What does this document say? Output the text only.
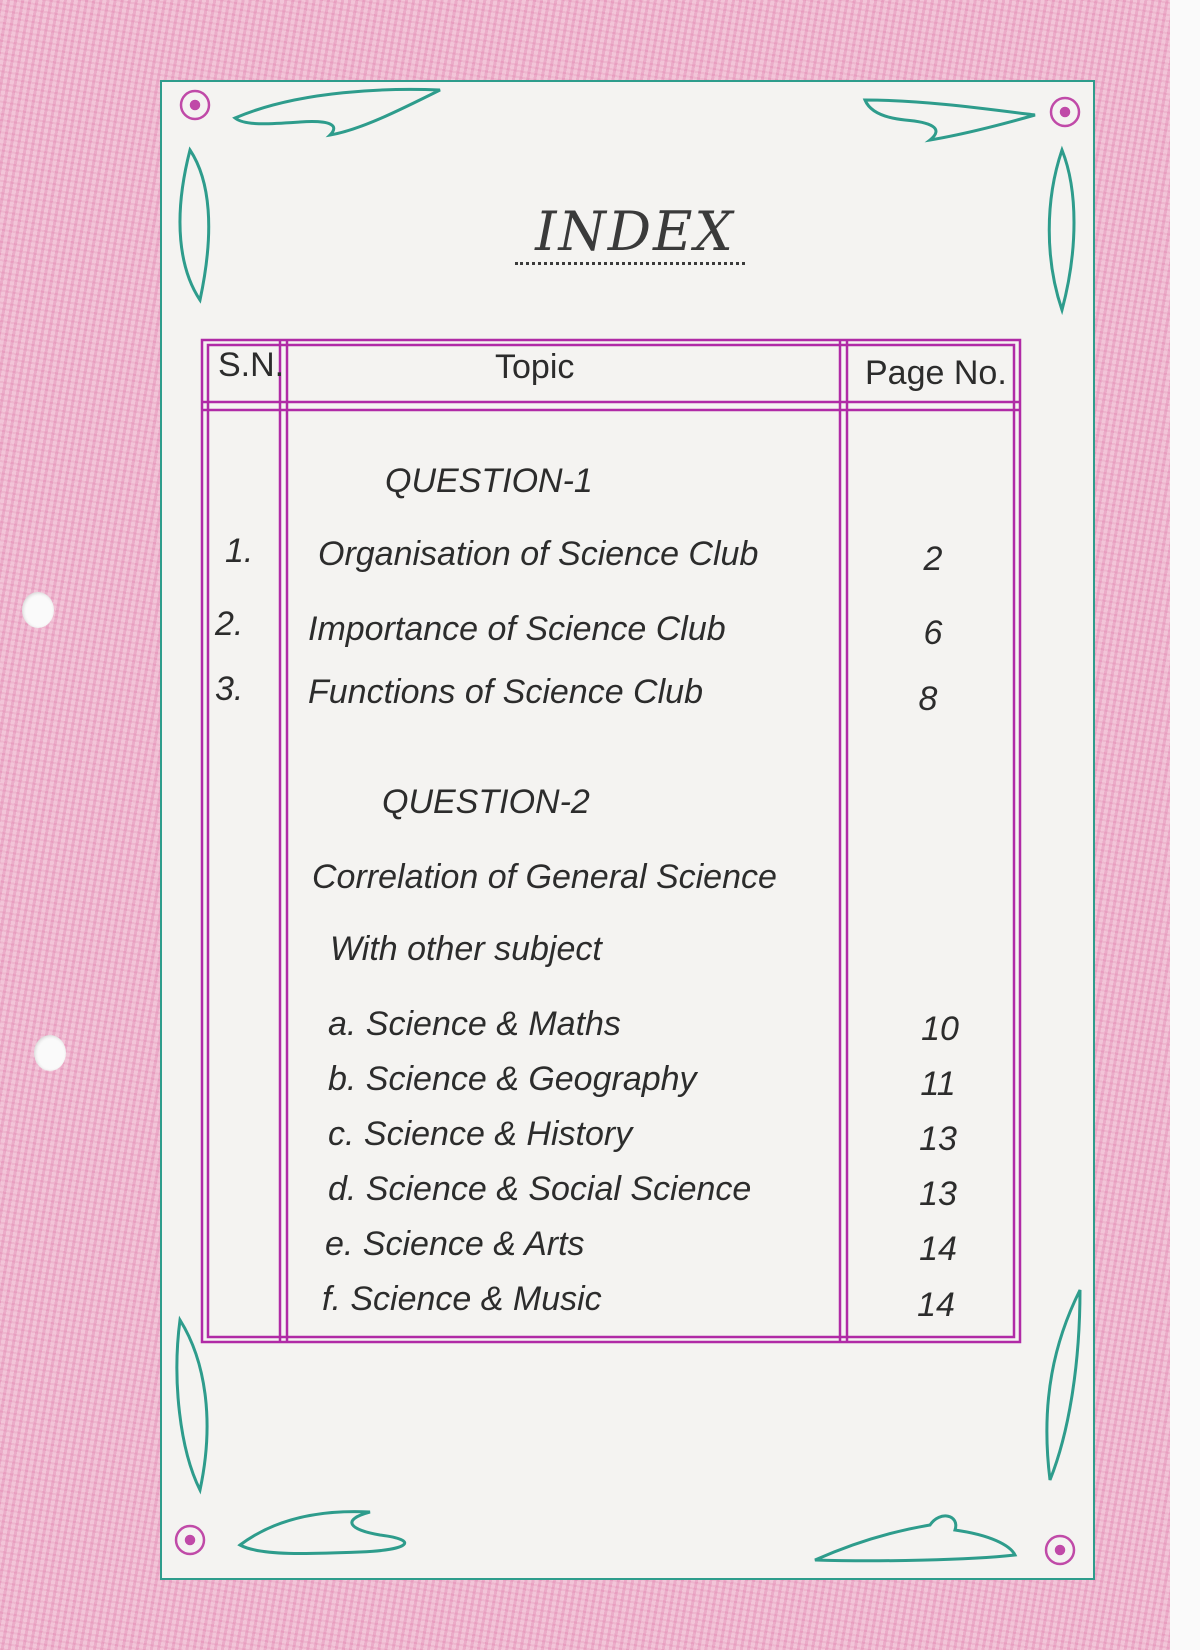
INDEX
S.N.	Topic	Page No.
QUESTION-1
1. Organisation of Science Club	2
2. Importance of Science Club	6
3. Functions of Science Club	8
QUESTION-2
Correlation of General Science
With other subject
a. Science & Maths	10
b. Science & Geography	11
c. Science & History	13
d. Science & Social Science	13
e. Science & Arts	14
f. Science & Music	14
